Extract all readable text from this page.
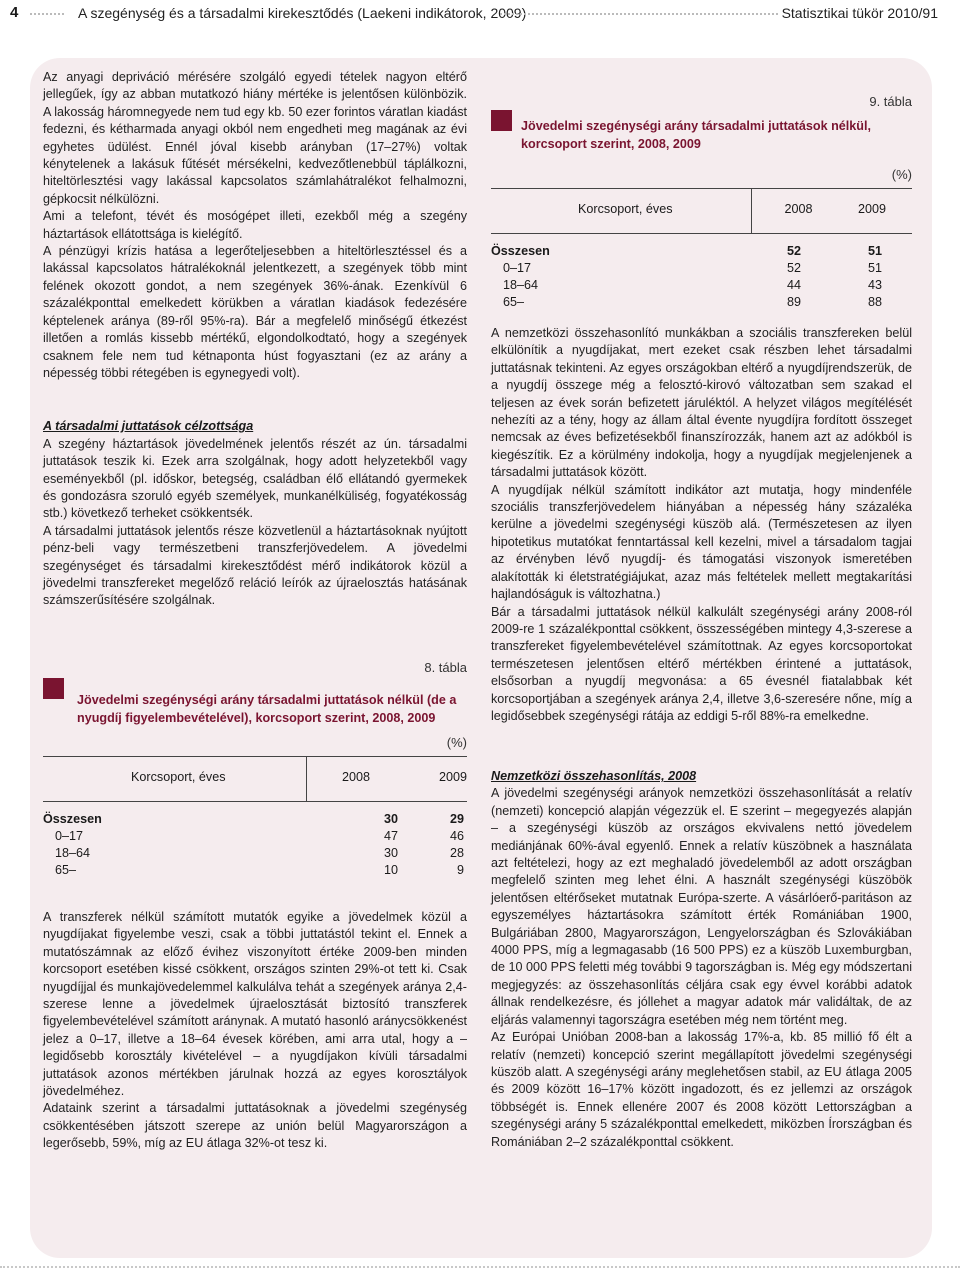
4	A szegénység és a társadalmi kirekesztődés (Laekeni indikátorok, 2009)	Statisztikai tükör 2010/91

Az anyagi depriváció mérésére szolgáló egyedi tételek nagyon eltérő jellegűek, így az abban mutatkozó hiány mértéke is jelentősen különbözik. A lakosság háromnegyede nem tud egy kb. 50 ezer forintos váratlan kiadást fedezni, és kétharmada anyagi okból nem engedheti meg magának az évi egyhetes üdülést. Ennél jóval kisebb arányban (17–27%) voltak kénytelenek a lakásuk fűtését mérsékelni, kedvezőtlenebbül táplálkozni, hiteltörlesztési vagy lakással kapcsolatos számlahátralékot felhalmozni, gépkocsit nélkülözni.

Ami a telefont, tévét és mosógépet illeti, ezekből még a szegény háztartások ellátottsága is kielégítő.

A pénzügyi krízis hatása a legerőteljesebben a hiteltörlesztéssel és a lakással kapcsolatos hátralékoknál jelentkezett, a szegények több mint felének okozott gondot, a nem szegények 36%-ának. Ezenkívül 6 százalékponttal emelkedett körükben a váratlan kiadások fedezésére képtelenek aránya (89-ről 95%-ra). Bár a megfelelő minőségű étkezést illetően a romlás kissebb mértékű, elgondolkodtató, hogy a szegények csaknem fele nem tud kétnaponta húst fogyasztani (ez az arány a népesség többi rétegében is egynegyedi volt).

A társadalmi juttatások célzottsága

A szegény háztartások jövedelmének jelentős részét az ún. társadalmi juttatások teszik ki. Ezek arra szolgálnak, hogy adott helyzetekből vagy eseményekből (pl. időskor, betegség, családban élő ellátandó gyermekek és gondozásra szoruló egyéb személyek, munkanélküliség, fogyatékosság stb.) következő terheket csökkentsék.

A társadalmi juttatások jelentős része közvetlenül a háztartásoknak nyújtott pénz-beli vagy természetbeni transzferjövedelem. A jövedelmi szegénységet és társadalmi kirekesztődést mérő indikátorok közül a jövedelmi transzfereket megelőző reláció leírók az újraelosztás hatásának számszerűsítésére szolgálnak.

8. tábla
Jövedelmi szegénységi arány társadalmi juttatások nélkül (de a nyugdíj figyelembevételével), korcsoport szerint, 2008, 2009
(%)
Korcsoport, éves	2008	2009
Összesen	30	29
0–17	47	46
18–64	30	28
65–	10	9

A transzferek nélkül számított mutatók egyike a jövedelmek közül a nyugdíjakat figyelembe veszi, csak a többi juttatástól tekint el. Ennek a mutatószámnak az előző évihez viszonyított értéke 2009-ben minden korcsoport esetében kissé csökkent, országos szinten 29%-ot tett ki. Csak nyugdíjjal és munkajövedelemmel kalkulálva tehát a szegények aránya 2,4-szerese lenne a jövedelmek újraelosztását biztosító transzferek figyelembevételével számított aránynak. A mutató hasonló aránycsökkenést jelez a 0–17, illetve a 18–64 évesek körében, ami arra utal, hogy a – legidősebb korosztály kivételével – a nyugdíjakon kívüli társadalmi juttatások azonos mértékben járulnak hozzá az egyes korosztályok jövedelméhez.

Adataink szerint a társadalmi juttatásoknak a jövedelmi szegénység csökkentésében játszott szerepe az unión belül Magyarországon a legerősebb, 59%, míg az EU átlaga 32%-ot tesz ki.

9. tábla
Jövedelmi szegénységi arány társadalmi juttatások nélkül, korcsoport szerint, 2008, 2009
(%)
Korcsoport, éves	2008	2009
Összesen	52	51
0–17	52	51
18–64	44	43
65–	89	88

A nemzetközi összehasonlító munkákban a szociális transzfereken belül elkülönítik a nyugdíjakat, mert ezeket csak részben lehet társadalmi juttatásnak tekinteni. Az egyes országokban eltérő a nyugdíjrendszerük, de a nyugdíj összege még a felosztó-kirovó változatban sem szakad el teljesen az évek során befizetett járuléktól. A helyzet világos megítélését nehezíti az a tény, hogy az állam által évente nyugdíjra fordított összeget nemcsak az éves befizetésekből finanszírozzák, hanem azt az adókból is kiegészítik. Ez a körülmény indokolja, hogy a nyugdíjak megjelenjenek a társadalmi juttatások között.

A nyugdíjak nélkül számított indikátor azt mutatja, hogy mindenféle szociális transzferjövedelem hiányában a népesség hány százaléka kerülne a jövedelmi szegénységi küszöb alá. (Természetesen az ilyen hipotetikus mutatókat fenntartással kell kezelni, mivel a társadalom tagjai az érvényben lévő nyugdíj- és támogatási viszonyok ismeretében alakították ki életstratégiájukat, azaz más feltételek mellett megtakarítási hajlandóságuk is változhatna.)

Bár a társadalmi juttatások nélkül kalkulált szegénységi arány 2008-ról 2009-re 1 százalékponttal csökkent, összességében mintegy 4,3-szerese a transzfereket figyelembevételével számítottnak. Az egyes korcsoportokat természetesen jelentősen eltérő mértékben érintené a juttatások, elsősorban a nyugdíj megvonása: a 65 évesnél fiatalabbak két korcsoportjában a szegények aránya 2,4, illetve 3,6-szeresére nőne, míg a legidősebbek szegénységi rátája az eddigi 5-ről 88%-ra emelkedne.

Nemzetközi összehasonlítás, 2008

A jövedelmi szegénységi arányok nemzetközi összehasonlítását a relatív (nemzeti) koncepció alapján végezzük el. E szerint – megegyezés alapján – a szegénységi küszöb az országos ekvivalens nettó jövedelem mediánjának 60%-ával egyenlő. Ennek a relatív küszöbnek a használata azt feltételezi, hogy az ezt meghaladó jövedelemből az adott országban megfelelő szinten meg lehet élni. A használt szegénységi küszöbök jelentősen eltérőseket mutatnak Európa-szerte. A vásárlóerő-paritáson az egyszemélyes háztartásokra számított érték Romániában 1900, Bulgáriában 2800, Magyarországon, Lengyelországban és Szlovákiában 4000 PPS, míg a legmagasabb (16 500 PPS) ez a küszöb Luxemburgban, de 10 000 PPS feletti még további 9 tagországban is. Még egy módszertani megjegyzés: az összehasonlítás céljára csak egy évvel korábbi adatok állnak rendelkezésre, és jóllehet a magyar adatok már validáltak, de az eljárás valamennyi tagországra esetében még nem történt meg.

Az Európai Unióban 2008-ban a lakosság 17%-a, kb. 85 millió fő élt a relatív (nemzeti) koncepció szerint megállapított jövedelmi szegénységi küszöb alatt. A szegénységi arány meglehetősen stabil, az EU átlaga 2005 és 2009 között 16–17% között ingadozott, és ez jellemzi az országok többségét is. Ennek ellenére 2007 és 2008 között Lettországban a szegénységi arány 5 százalékponttal emelkedett, miközben Írországban és Romániában 2–2 százalékponttal csökkent.
